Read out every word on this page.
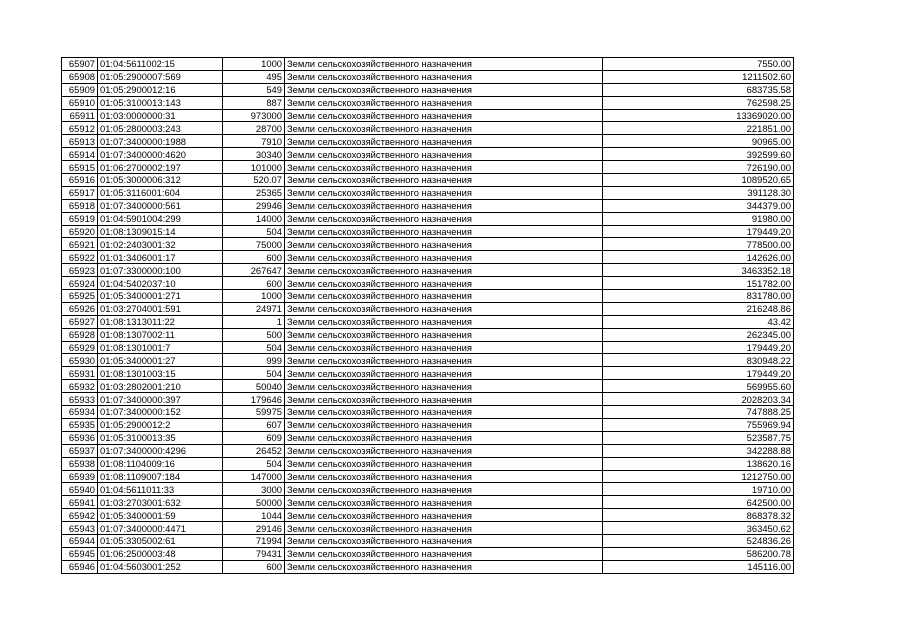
65907	01:04:5611002:15	1000	Земли сельскохозяйственного назначения	7550.00
65908	01:05:2900007:569	495	Земли сельскохозяйственного назначения	1211502.60
65909	01:05:2900012:16	549	Земли сельскохозяйственного назначения	683735.58
65910	01:05:3100013:143	887	Земли сельскохозяйственного назначения	762598.25
65911	01:03:0000000:31	973000	Земли сельскохозяйственного назначения	13369020.00
65912	01:05:2800003:243	28700	Земли сельскохозяйственного назначения	221851.00
65913	01:07:3400000:1988	7910	Земли сельскохозяйственного назначения	90965.00
65914	01:07:3400000:4620	30340	Земли сельскохозяйственного назначения	392599.60
65915	01:06:2700002:197	101000	Земли сельскохозяйственного назначения	726190.00
65916	01:05:3000006:312	520.07	Земли сельскохозяйственного назначения	1089520.65
65917	01:05:3116001:604	25365	Земли сельскохозяйственного назначения	391128.30
65918	01:07:3400000:561	29946	Земли сельскохозяйственного назначения	344379.00
65919	01:04:5901004:299	14000	Земли сельскохозяйственного назначения	91980.00
65920	01:08:1309015:14	504	Земли сельскохозяйственного назначения	179449.20
65921	01:02:2403001:32	75000	Земли сельскохозяйственного назначения	778500.00
65922	01:01:3406001:17	600	Земли сельскохозяйственного назначения	142626.00
65923	01:07:3300000:100	267647	Земли сельскохозяйственного назначения	3463352.18
65924	01:04:5402037:10	600	Земли сельскохозяйственного назначения	151782.00
65925	01:05:3400001:271	1000	Земли сельскохозяйственного назначения	831780.00
65926	01:03:2704001:591	24971	Земли сельскохозяйственного назначения	216248.86
65927	01:08:1313011:22	1	Земли сельскохозяйственного назначения	43.42
65928	01:08:1307002:11	500	Земли сельскохозяйственного назначения	262345.00
65929	01:08:1301001:7	504	Земли сельскохозяйственного назначения	179449.20
65930	01:05:3400001:27	999	Земли сельскохозяйственного назначения	830948.22
65931	01:08:1301003:15	504	Земли сельскохозяйственного назначения	179449.20
65932	01:03:2802001:210	50040	Земли сельскохозяйственного назначения	569955.60
65933	01:07:3400000:397	179646	Земли сельскохозяйственного назначения	2028203.34
65934	01:07:3400000:152	59975	Земли сельскохозяйственного назначения	747888.25
65935	01:05:2900012:2	607	Земли сельскохозяйственного назначения	755969.94
65936	01:05:3100013:35	609	Земли сельскохозяйственного назначения	523587.75
65937	01:07:3400000:4296	26452	Земли сельскохозяйственного назначения	342288.88
65938	01:08:1104009:16	504	Земли сельскохозяйственного назначения	138620.16
65939	01:08:1109007:184	147000	Земли сельскохозяйственного назначения	1212750.00
65940	01:04:5611011:33	3000	Земли сельскохозяйственного назначения	19710.00
65941	01:03:2703001:632	50000	Земли сельскохозяйственного назначения	642500.00
65942	01:05:3400001:59	1044	Земли сельскохозяйственного назначения	868378.32
65943	01:07:3400000:4471	29146	Земли сельскохозяйственного назначения	363450.62
65944	01:05:3305002:61	71994	Земли сельскохозяйственного назначения	524836.26
65945	01:06:2500003:48	79431	Земли сельскохозяйственного назначения	586200.78
65946	01:04:5603001:252	600	Земли сельскохозяйственного назначения	145116.00
